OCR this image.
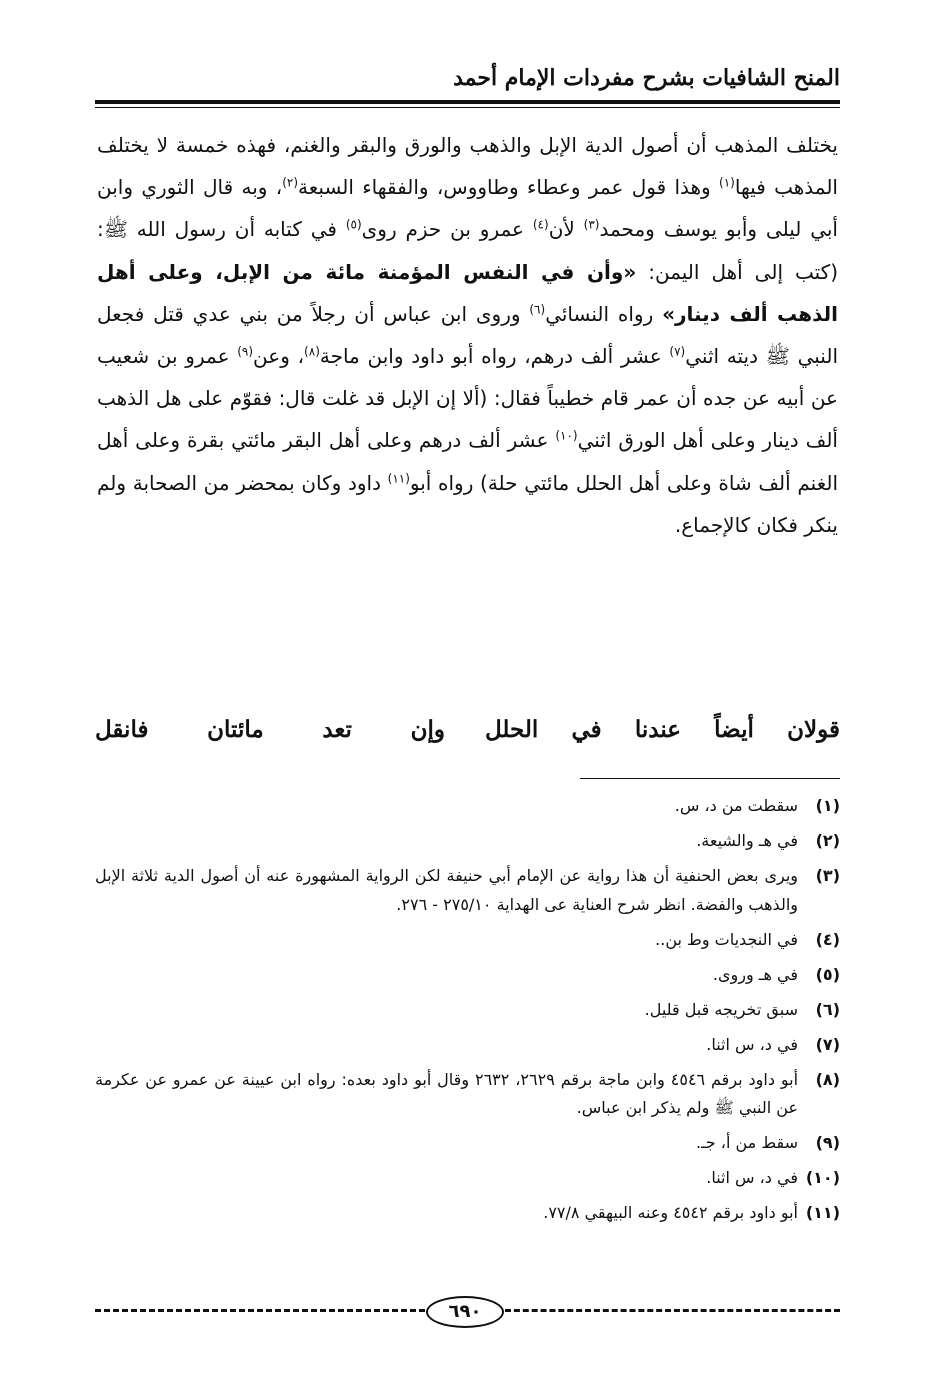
المنح الشافيات بشرح مفردات الإمام أحمد

يختلف المذهب أن أصول الدية الإبل والذهب والورق والبقر والغنم، فهذه خمسة لا يختلف المذهب فيها$^{(١)}$ وهذا قول عمر وعطاء وطاووس، والفقهاء السبعة$^{(٢)}$، وبه قال الثوري وابن أبي ليلى وأبو يوسف ومحمد$^{(٣)}$ لأن$^{(٤)}$ عمرو بن حزم روى$^{(٥)}$ في كتابه أن رسول الله ﷺ: (كتب إلى أهل اليمن: «وأن في النفس المؤمنة مائة من الإبل، وعلى أهل الذهب ألف دينار» رواه النسائي$^{(٦)}$ وروى ابن عباس أن رجلاً من بني عدي قتل فجعل النبي ﷺ ديته اثني$^{(٧)}$ عشر ألف درهم، رواه أبو داود وابن ماجة$^{(٨)}$، وعن$^{(٩)}$ عمرو بن شعيب عن أبيه عن جده أن عمر قام خطيباً فقال: (ألا إن الإبل قد غلت قال: فقوّم على هل الذهب ألف دينار وعلى أهل الورق اثني$^{(١٠)}$ عشر ألف درهم وعلى أهل البقر مائتي بقرة وعلى أهل الغنم ألف شاة وعلى أهل الحلل مائتي حلة) رواه أبو$^{(١١)}$ داود وكان بمحضر من الصحابة ولم ينكر فكان كالإجماع.

قولان أيضاً عندنا في الحلل
وإن تعد مائتان فانقل
(١)
سقطت من د، س.
(٢)
في هـ والشيعة.
(٣)
ويرى بعض الحنفية أن هذا رواية عن الإمام أبي حنيفة لكن الرواية المشهورة عنه أن أصول الدية ثلاثة الإبل والذهب والفضة. انظر شرح العناية عى الهداية ٢٧٥/١٠ - ٢٧٦.
(٤)
في النجديات وط بن..
(٥)
في هـ وروى.
(٦)
سبق تخريجه قبل قليل.
(٧)
في د، س اثنا.
(٨)
أبو داود برقم ٤٥٤٦ وابن ماجة برقم ٢٦٢٩، ٢٦٣٢ وقال أبو داود بعده: رواه ابن عيينة عن عمرو عن عكرمة عن النبي ﷺ ولم يذكر ابن عباس.
(٩)
سقط من أ، جـ.
(١٠)
في د، س اثنا.
(١١)
أبو داود برقم ٤٥٤٢ وعنه البيهقي ٧٧/٨.
٦٩٠
